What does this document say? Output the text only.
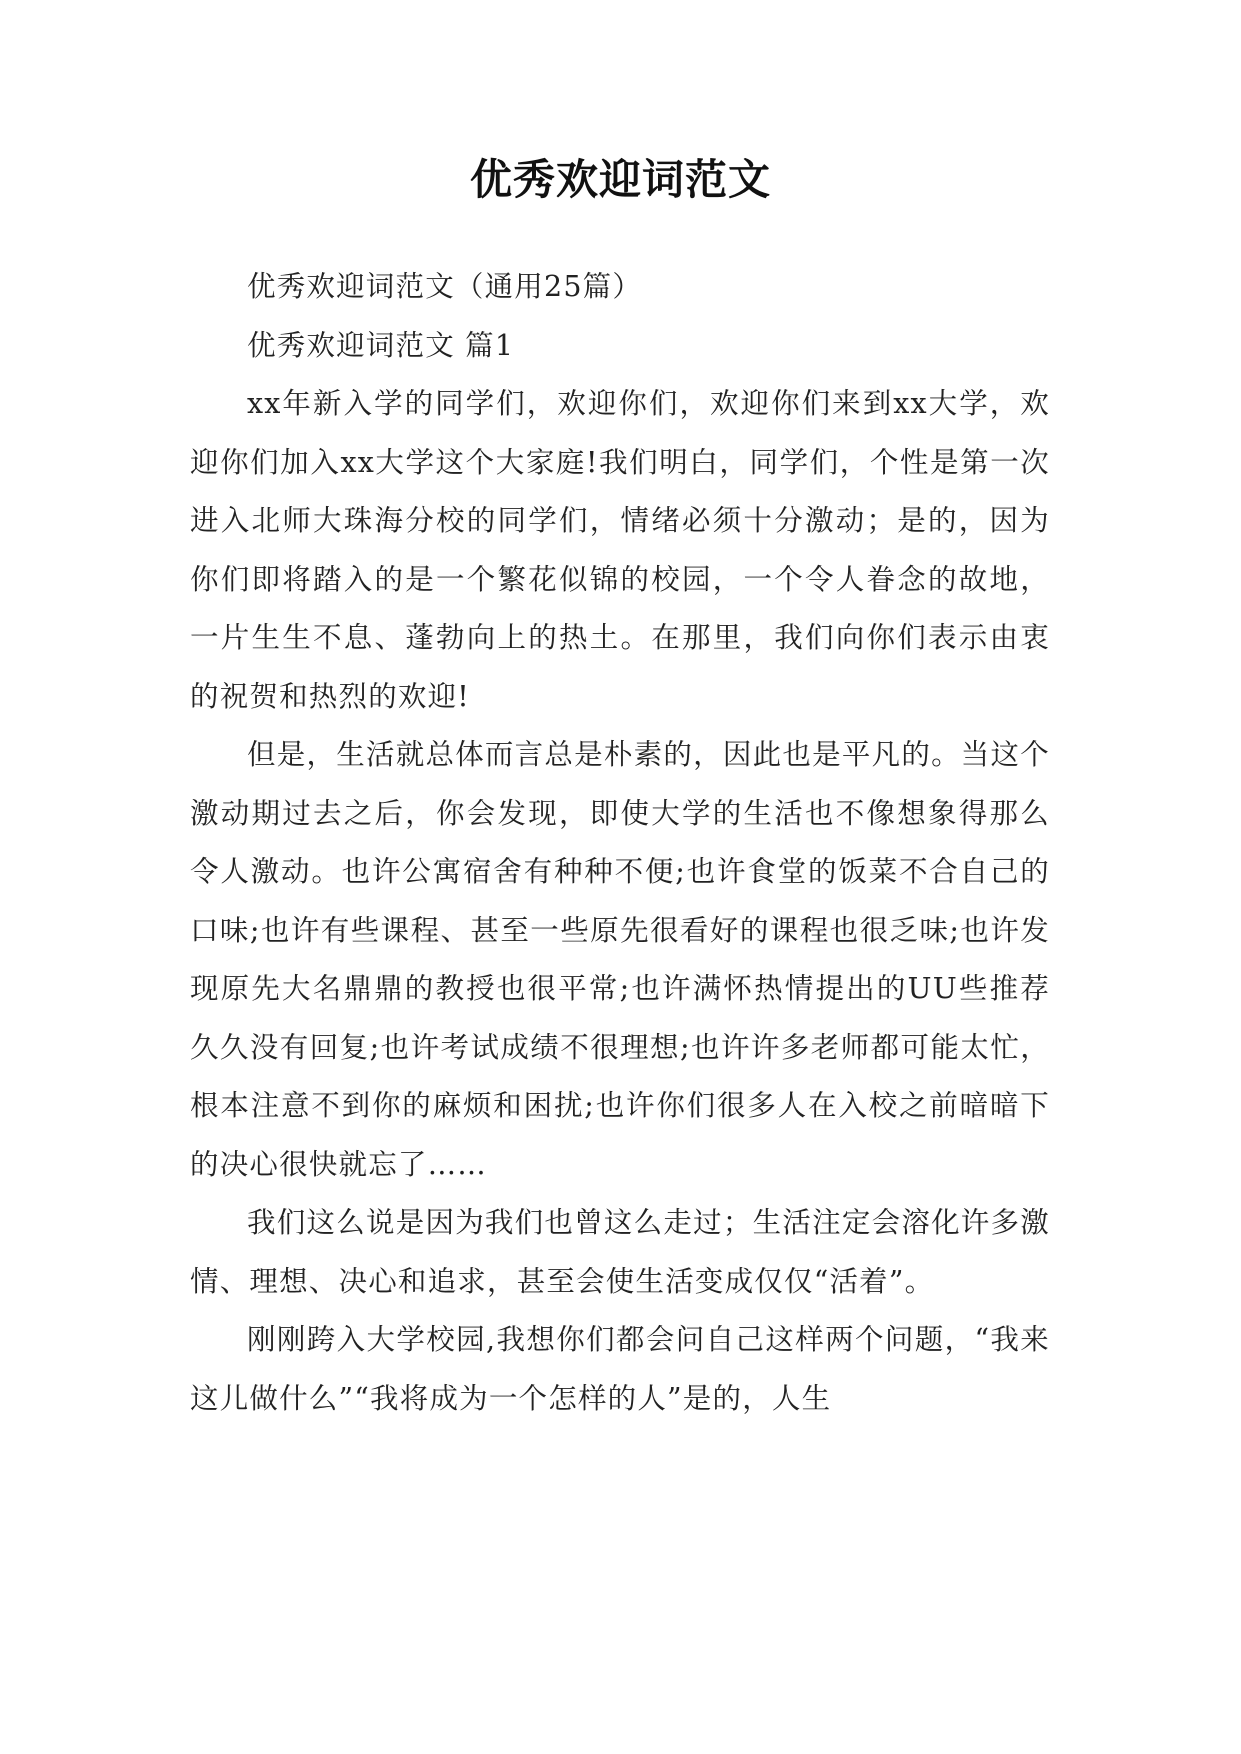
优秀欢迎词范文

优秀欢迎词范文（通用25篇）

优秀欢迎词范文 篇1

xx年新入学的同学们，欢迎你们，欢迎你们来到xx大学，欢迎你们加入xx大学这个大家庭!我们明白，同学们，个性是第一次进入北师大珠海分校的同学们，情绪必须十分激动；是的，因为你们即将踏入的是一个繁花似锦的校园，一个令人眷念的故地，一片生生不息、蓬勃向上的热土。在那里，我们向你们表示由衷的祝贺和热烈的欢迎!

但是，生活就总体而言总是朴素的，因此也是平凡的。当这个激动期过去之后，你会发现，即使大学的生活也不像想象得那么令人激动。也许公寓宿舍有种种不便;也许食堂的饭菜不合自己的口味;也许有些课程、甚至一些原先很看好的课程也很乏味;也许发现原先大名鼎鼎的教授也很平常;也许满怀热情提出的UU些推荐久久没有回复;也许考试成绩不很理想;也许许多老师都可能太忙，根本注意不到你的麻烦和困扰;也许你们很多人在入校之前暗暗下的决心很快就忘了……

我们这么说是因为我们也曾这么走过；生活注定会溶化许多激情、理想、决心和追求，甚至会使生活变成仅仅“活着”。

刚刚跨入大学校园,我想你们都会问自己这样两个问题，“我来这儿做什么”“我将成为一个怎样的人”是的，人生
